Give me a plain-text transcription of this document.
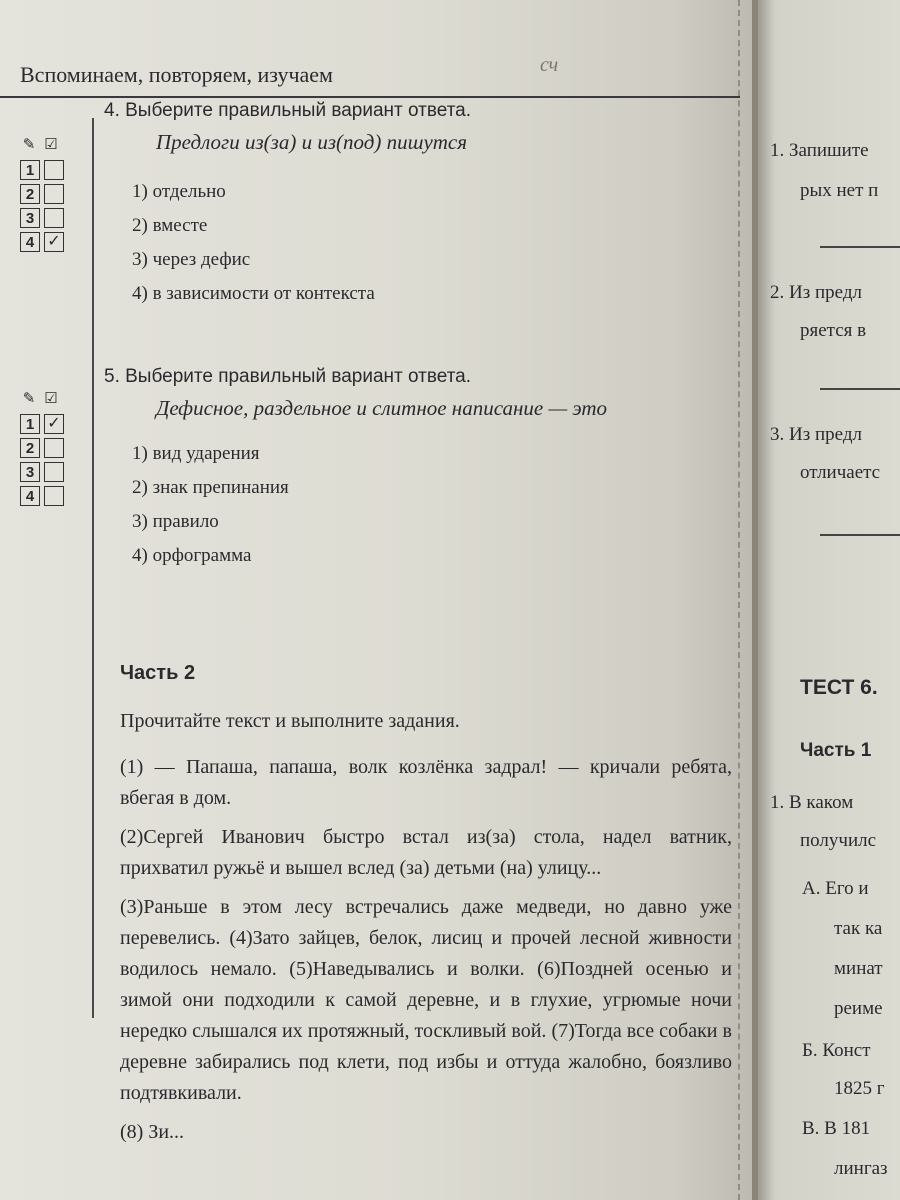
Вспоминаем, повторяем, изучаем	сч
✎ ☑
1
2
3
4 ✓
4. Выберите правильный вариант ответа.
Предлоги из(за) и из(под) пишутся
1) отдельно
2) вместе
3) через дефис
4) в зависимости от контекста
✎ ☑
1 ✓
2
3
4
5. Выберите правильный вариант ответа.
Дефисное, раздельное и слитное написание — это
1) вид ударения
2) знак препинания
3) правило
4) орфограмма
Часть 2
Прочитайте текст и выполните задания.

(1) — Папаша, папаша, волк козлёнка задрал! — кричали ребята, вбегая в дом.

(2)Сергей Иванович быстро встал из(за) стола, надел ватник, прихватил ружьё и вышел вслед (за) детьми (на) улицу...

(3)Раньше в этом лесу встречались даже медведи, но давно уже перевелись. (4)Зато зайцев, белок, лисиц и прочей лесной живности водилось немало. (5)Наведывались и волки. (6)Поздней осенью и зимой они подходили к самой деревне, и в глухие, угрюмые ночи нередко слышался их протяжный, тоскливый вой. (7)Тогда все собаки в деревне забирались под клети, под избы и оттуда жалобно, боязливо подтявкивали.

(8) Зи...

1. Запишите
рых нет п
2. Из предл
ряется в
3. Из предл
отличаетс
ТЕСТ 6.
Часть 1
1. В каком
получилс
А. Его и
так ка
минат
реиме
Б. Конст
1825 г
В. В 181
лингаз
